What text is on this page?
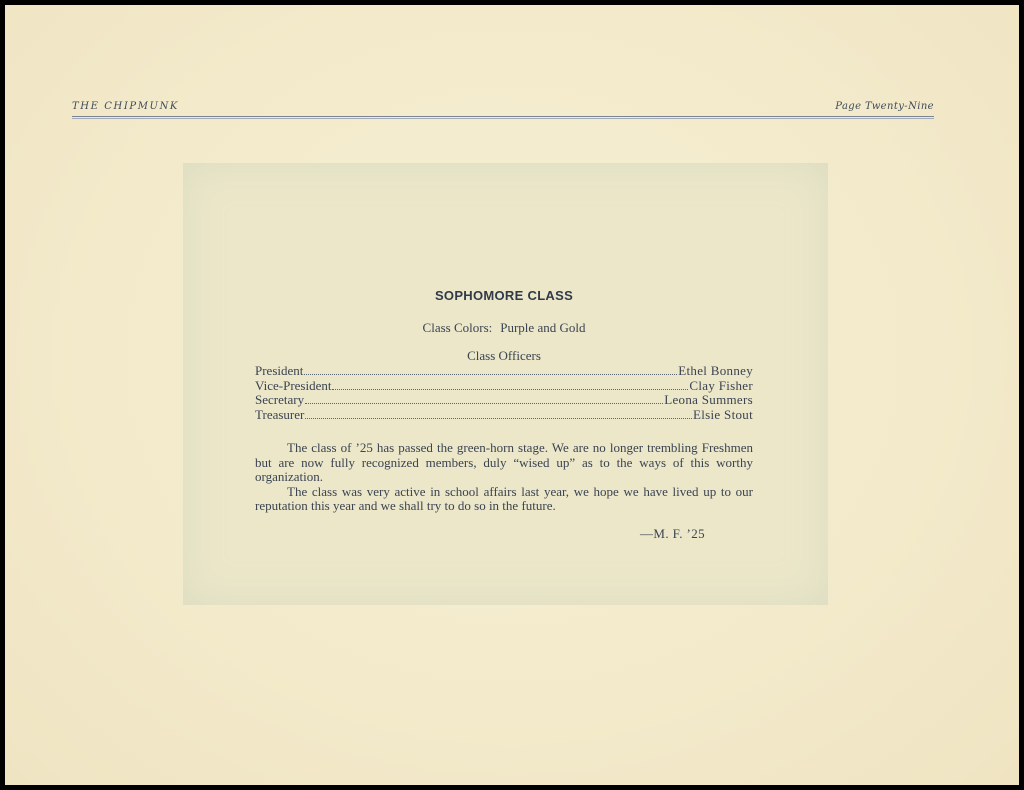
THE CHIPMUNK	Page Twenty-Nine
SOPHOMORE CLASS
Class Colors: Purple and Gold
Class Officers
President	Ethel Bonney
Vice-President	Clay Fisher
Secretary	Leona Summers
Treasurer	Elsie Stout

The class of ’25 has passed the green-horn stage. We are no longer trembling Freshmen but are now fully recognized members, duly “wised up” as to the ways of this worthy organization.

The class was very active in school affairs last year, we hope we have lived up to our reputation this year and we shall try to do so in the future.

—M. F. ’25
